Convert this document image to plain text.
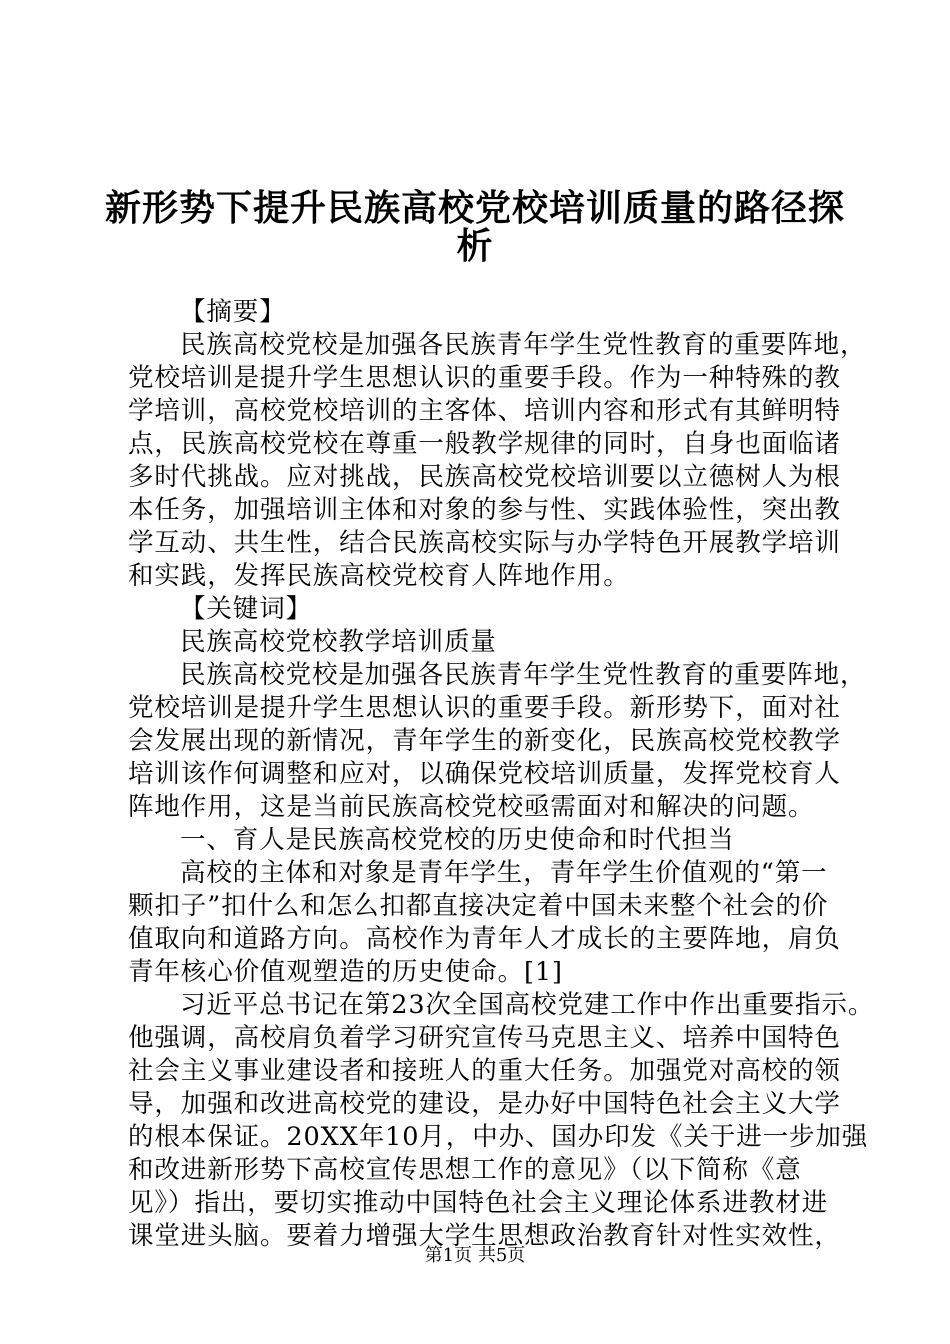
新形势下提升民族高校党校培训质量的路径探
析
【摘要】
民族高校党校是加强各民族青年学生党性教育的重要阵地，
党校培训是提升学生思想认识的重要手段。作为一种特殊的教
学培训，高校党校培训的主客体、培训内容和形式有其鲜明特
点，民族高校党校在尊重一般教学规律的同时，自身也面临诸
多时代挑战。应对挑战，民族高校党校培训要以立德树人为根
本任务，加强培训主体和对象的参与性、实践体验性，突出教
学互动、共生性，结合民族高校实际与办学特色开展教学培训
和实践，发挥民族高校党校育人阵地作用。
【关键词】
民族高校党校教学培训质量
民族高校党校是加强各民族青年学生党性教育的重要阵地，
党校培训是提升学生思想认识的重要手段。新形势下，面对社
会发展出现的新情况，青年学生的新变化，民族高校党校教学
培训该作何调整和应对，以确保党校培训质量，发挥党校育人
阵地作用，这是当前民族高校党校亟需面对和解决的问题。
一、育人是民族高校党校的历史使命和时代担当
高校的主体和对象是青年学生，青年学生价值观的“第一
颗扣子”扣什么和怎么扣都直接决定着中国未来整个社会的价
值取向和道路方向。高校作为青年人才成长的主要阵地，肩负
青年核心价值观塑造的历史使命。[1]
习近平总书记在第23次全国高校党建工作中作出重要指示。
他强调，高校肩负着学习研究宣传马克思主义、培养中国特色
社会主义事业建设者和接班人的重大任务。加强党对高校的领
导，加强和改进高校党的建设，是办好中国特色社会主义大学
的根本保证。20XX年10月，中办、国办印发《关于进一步加强
和改进新形势下高校宣传思想工作的意见》（以下简称《意
见》）指出，要切实推动中国特色社会主义理论体系进教材进
课堂进头脑。要着力增强大学生思想政治教育针对性实效性，
第1页 共5页
